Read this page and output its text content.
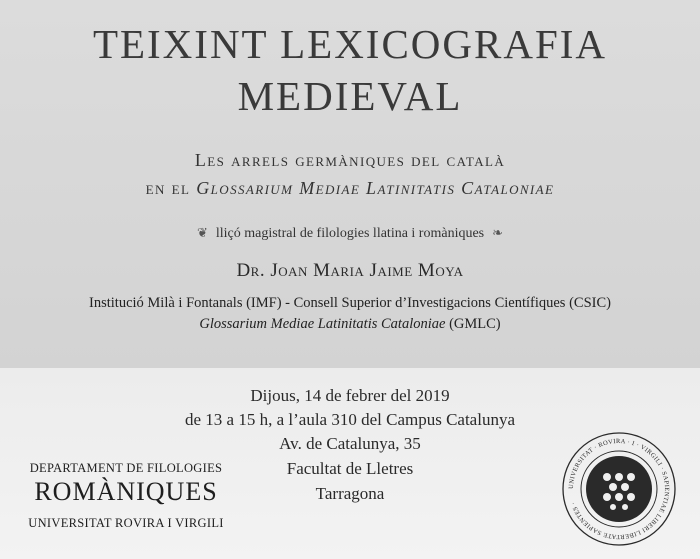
TEIXINT LEXICOGRAFIA
MEDIEVAL
Les arrels germàniques del català
en el Glossarium Mediae Latinitatis Cataloniae
❦ lliçó magistral de filologies llatina i romàniques ❧
Dr. Joan Maria Jaime Moya
Institució Milà i Fontanals (IMF) - Consell Superior d’Investigacions Científiques (CSIC)
Glossarium Mediae Latinitatis Cataloniae (GMLC)
Dijous, 14 de febrer del 2019
de 13 a 15 h, a l’aula 310 del Campus Catalunya
Av. de Catalunya, 35
Facultat de Lletres
Tarragona
DEPARTAMENT DE FILOLOGIES
ROMÀNIQUES
UNIVERSITAT ROVIRA I VIRGILI
UNIVERSITAT · ROVIRA · I · VIRGILI · SAPIENTIAE LIBERI LIBERTATE SAPIENTES ·
